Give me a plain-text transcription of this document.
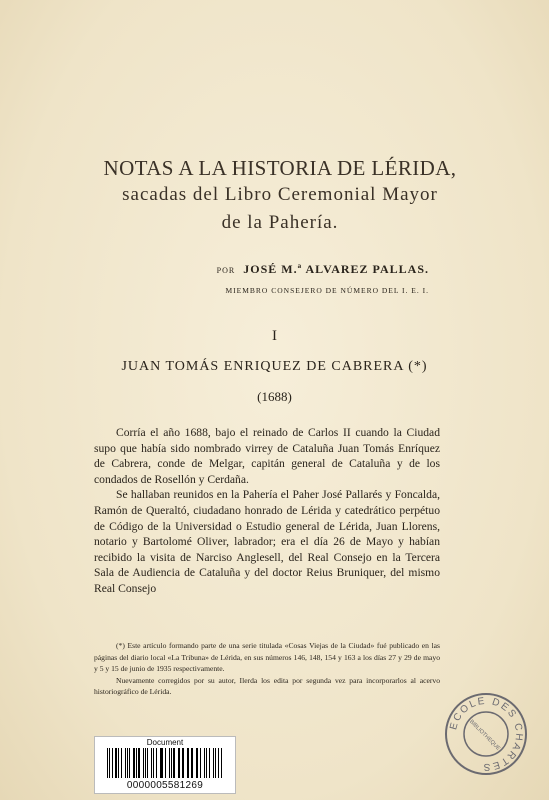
NOTAS A LA HISTORIA DE LÉRIDA,
sacadas del Libro Ceremonial Mayor
de la Pahería.
POR JOSÉ M.ª ALVAREZ PALLAS.
MIEMBRO CONSEJERO DE NÚMERO DEL I. E. I.
I
JUAN TOMÁS ENRIQUEZ DE CABRERA (*)
(1688)

Corría el año 1688, bajo el reinado de Carlos II cuando la Ciudad supo que había sido nombrado virrey de Cataluña Juan Tomás Enríquez de Cabrera, conde de Melgar, capitán general de Cataluña y de los condados de Rosellón y Cerdaña.

Se hallaban reunidos en la Pahería el Paher José Pallarés y Foncalda, Ramón de Queraltó, ciudadano honrado de Lérida y catedrático perpétuo de Código de la Universidad o Estudio general de Lérida, Juan Llorens, notario y Bartolomé Oliver, labrador; era el día 26 de Mayo y habían recibido la visita de Narciso Anglesell, del Real Consejo en la Tercera Sala de Audiencia de Cataluña y del doctor Reius Bruniquer, del mismo Real Consejo

(*) Este artículo formando parte de una serie titulada «Cosas Viejas de la Ciudad» fué publicado en las páginas del diario local «La Tribuna» de Lérida, en sus números 146, 148, 154 y 163 a los días 27 y 29 de mayo y 5 y 15 de junio de 1935 respectivamente.

Nuevamente corregidos por su autor, Ilerda los edita por segunda vez para incorporarlos al acervo historiográfico de Lérida.

Document
0000005581269
ECOLE DES CHARTES
BIBLIOTHEQUE
